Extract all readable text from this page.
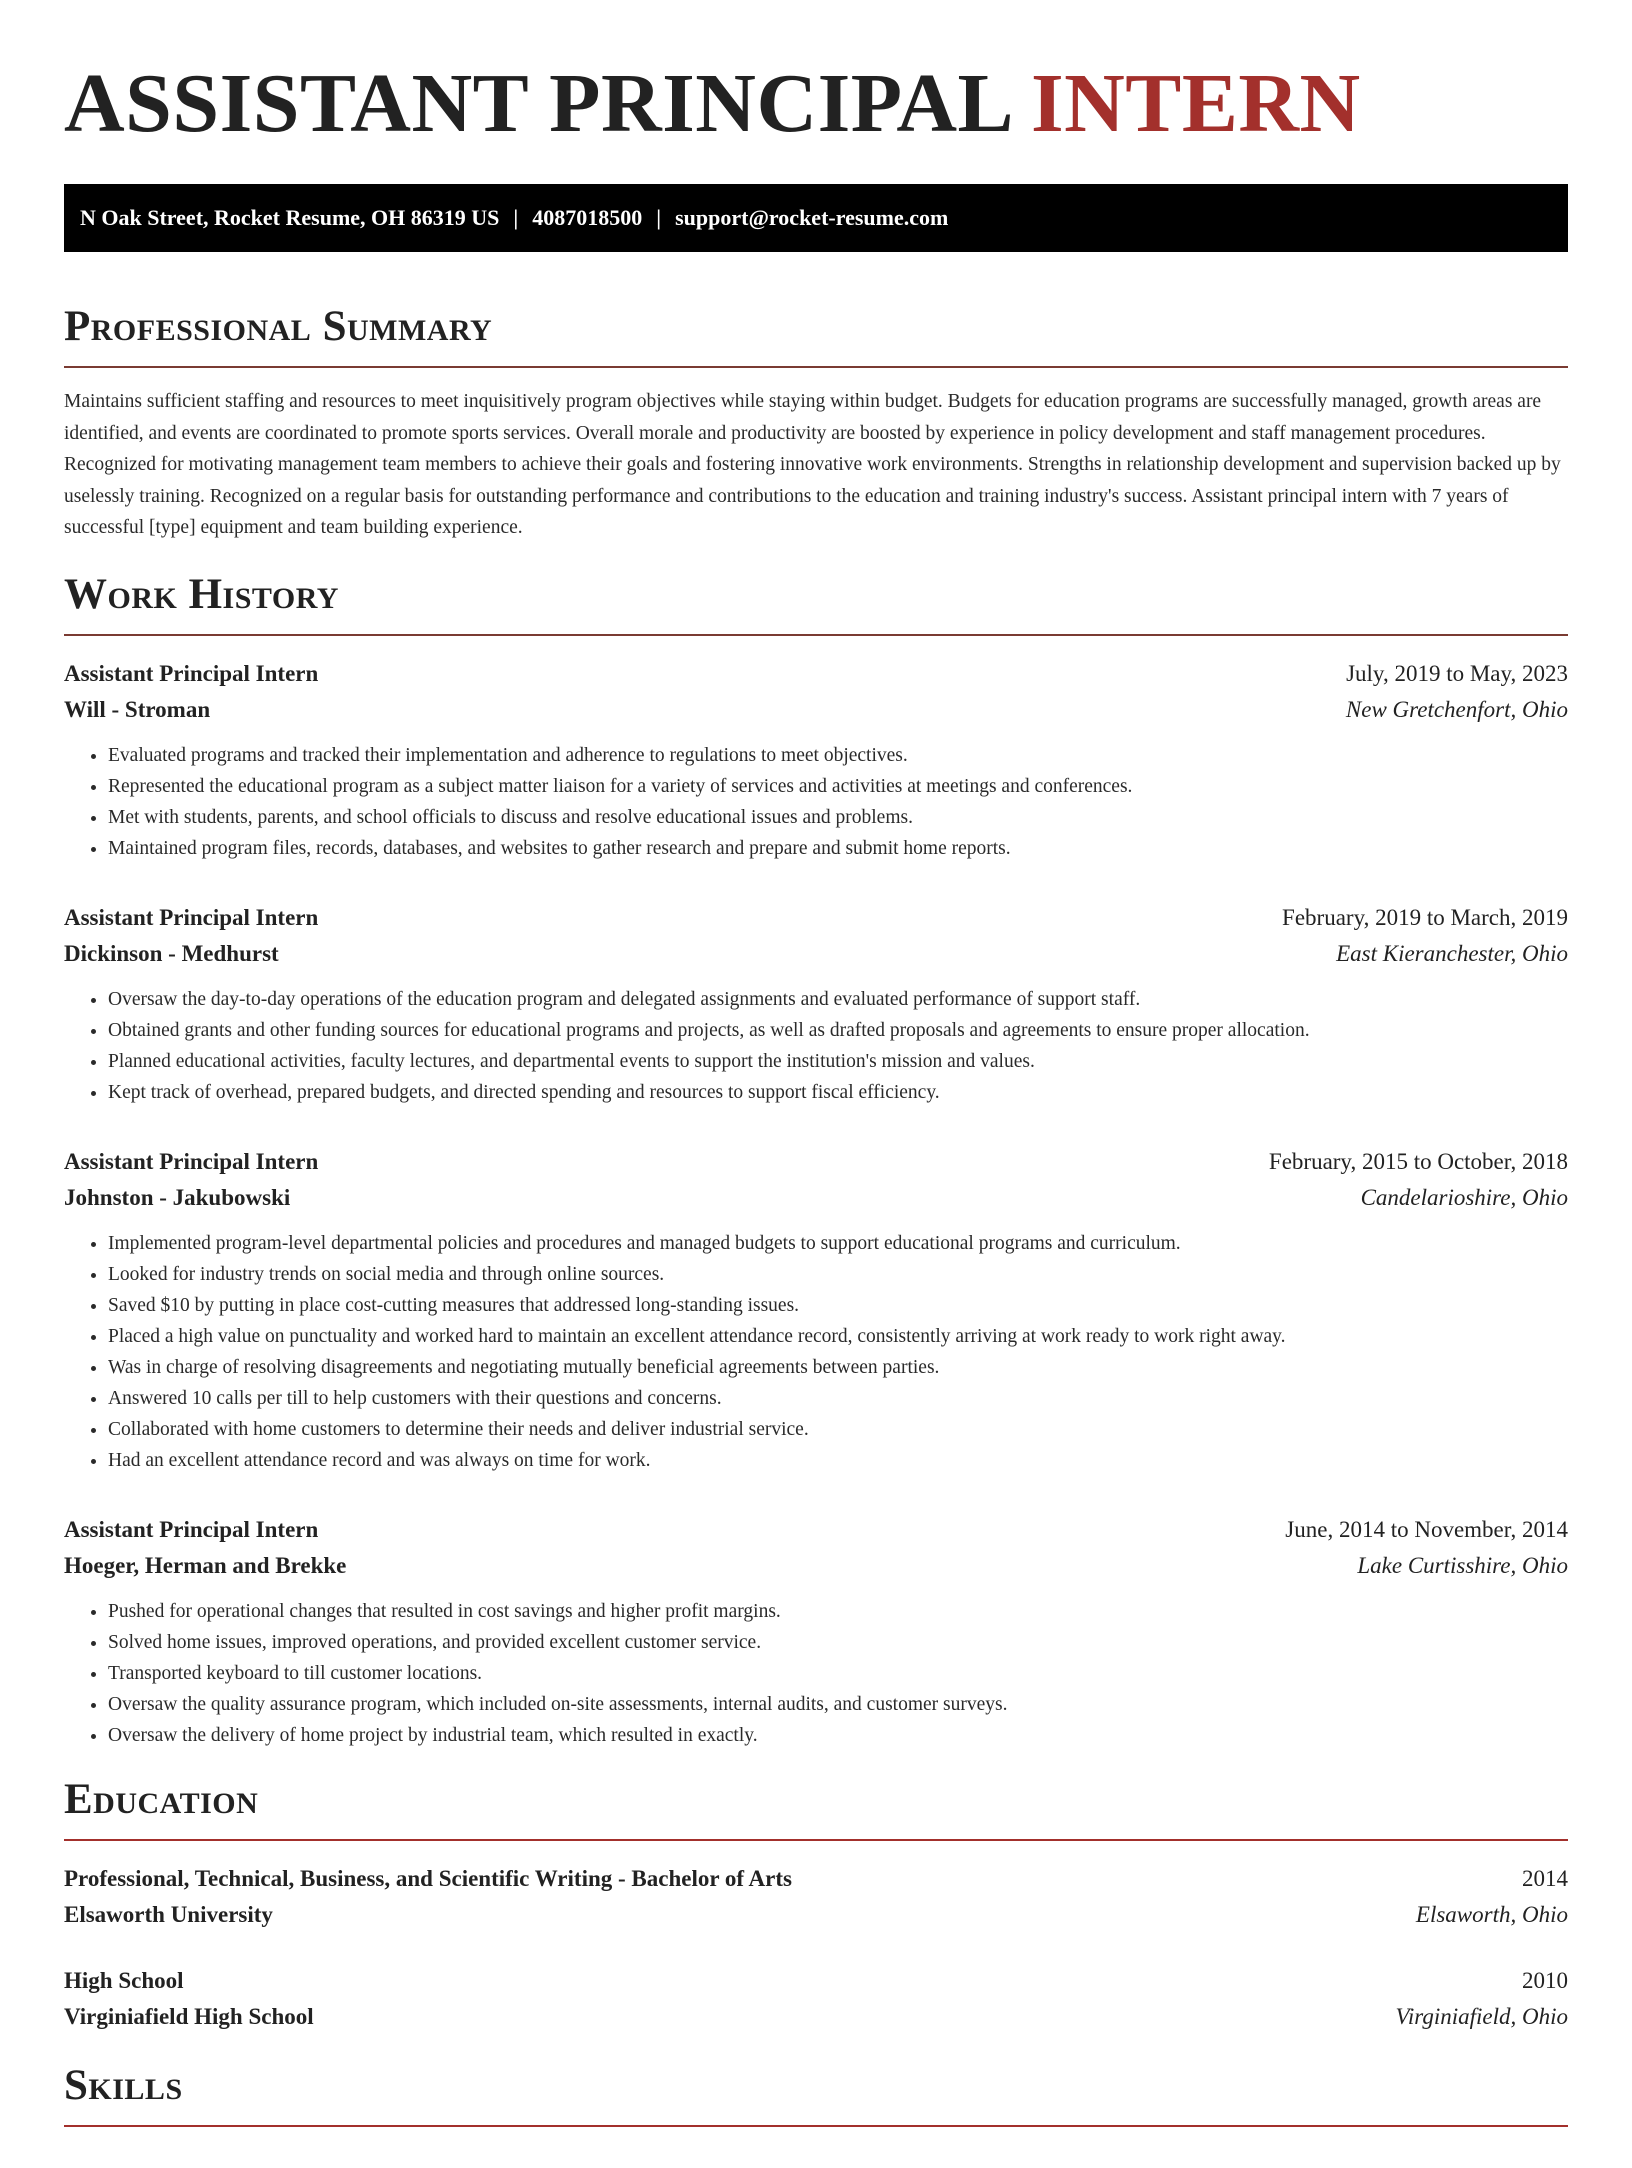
ASSISTANT PRINCIPAL INTERN
N Oak Street, Rocket Resume, OH 86319 US | 4087018500 | support@rocket-resume.com
Professional Summary

Maintains sufficient staffing and resources to meet inquisitively program objectives while staying within budget. Budgets for education programs are successfully managed, growth areas are identified, and events are coordinated to promote sports services. Overall morale and productivity are boosted by experience in policy development and staff management procedures. Recognized for motivating management team members to achieve their goals and fostering innovative work environments. Strengths in relationship development and supervision backed up by uselessly training. Recognized on a regular basis for outstanding performance and contributions to the education and training industry's success. Assistant principal intern with 7 years of successful [type] equipment and team building experience.

Work History
Assistant Principal Intern	July, 2019 to May, 2023
Will - Stroman	New Gretchenfort, Ohio
• Evaluated programs and tracked their implementation and adherence to regulations to meet objectives.
• Represented the educational program as a subject matter liaison for a variety of services and activities at meetings and conferences.
• Met with students, parents, and school officials to discuss and resolve educational issues and problems.
• Maintained program files, records, databases, and websites to gather research and prepare and submit home reports.
Assistant Principal Intern	February, 2019 to March, 2019
Dickinson - Medhurst	East Kieranchester, Ohio
• Oversaw the day-to-day operations of the education program and delegated assignments and evaluated performance of support staff.
• Obtained grants and other funding sources for educational programs and projects, as well as drafted proposals and agreements to ensure proper allocation.
• Planned educational activities, faculty lectures, and departmental events to support the institution's mission and values.
• Kept track of overhead, prepared budgets, and directed spending and resources to support fiscal efficiency.
Assistant Principal Intern	February, 2015 to October, 2018
Johnston - Jakubowski	Candelarioshire, Ohio
• Implemented program-level departmental policies and procedures and managed budgets to support educational programs and curriculum.
• Looked for industry trends on social media and through online sources.
• Saved $10 by putting in place cost-cutting measures that addressed long-standing issues.
• Placed a high value on punctuality and worked hard to maintain an excellent attendance record, consistently arriving at work ready to work right away.
• Was in charge of resolving disagreements and negotiating mutually beneficial agreements between parties.
• Answered 10 calls per till to help customers with their questions and concerns.
• Collaborated with home customers to determine their needs and deliver industrial service.
• Had an excellent attendance record and was always on time for work.
Assistant Principal Intern	June, 2014 to November, 2014
Hoeger, Herman and Brekke	Lake Curtisshire, Ohio
• Pushed for operational changes that resulted in cost savings and higher profit margins.
• Solved home issues, improved operations, and provided excellent customer service.
• Transported keyboard to till customer locations.
• Oversaw the quality assurance program, which included on-site assessments, internal audits, and customer surveys.
• Oversaw the delivery of home project by industrial team, which resulted in exactly.
Education
Professional, Technical, Business, and Scientific Writing - Bachelor of Arts	2014
Elsaworth University	Elsaworth, Ohio
High School	2010
Virginiafield High School	Virginiafield, Ohio
Skills
